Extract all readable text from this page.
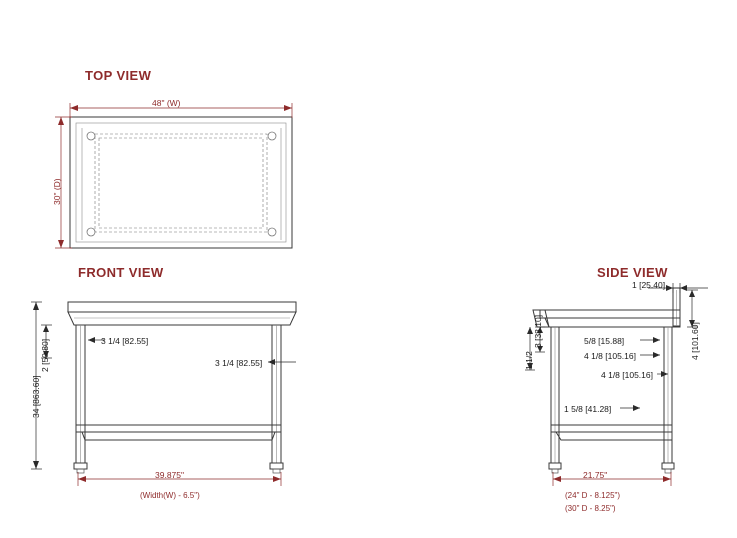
TOP VIEW
FRONT VIEW	SIDE VIEW
48" (W)
30" (D)
3 1/4 [82.55]
3 1/4 [82.55]
2 [50.80]
34 [863.60]
39.875"
(Width(W) - 6.5")
1 [25.40]
4 [101.60]
3 [38.10]
1 1/2
5/8 [15.88]
4 1/8 [105.16]
4 1/8 [105.16]
1 5/8 [41.28]
21.75"
(24" D - 8.125")
(30" D - 8.25")
